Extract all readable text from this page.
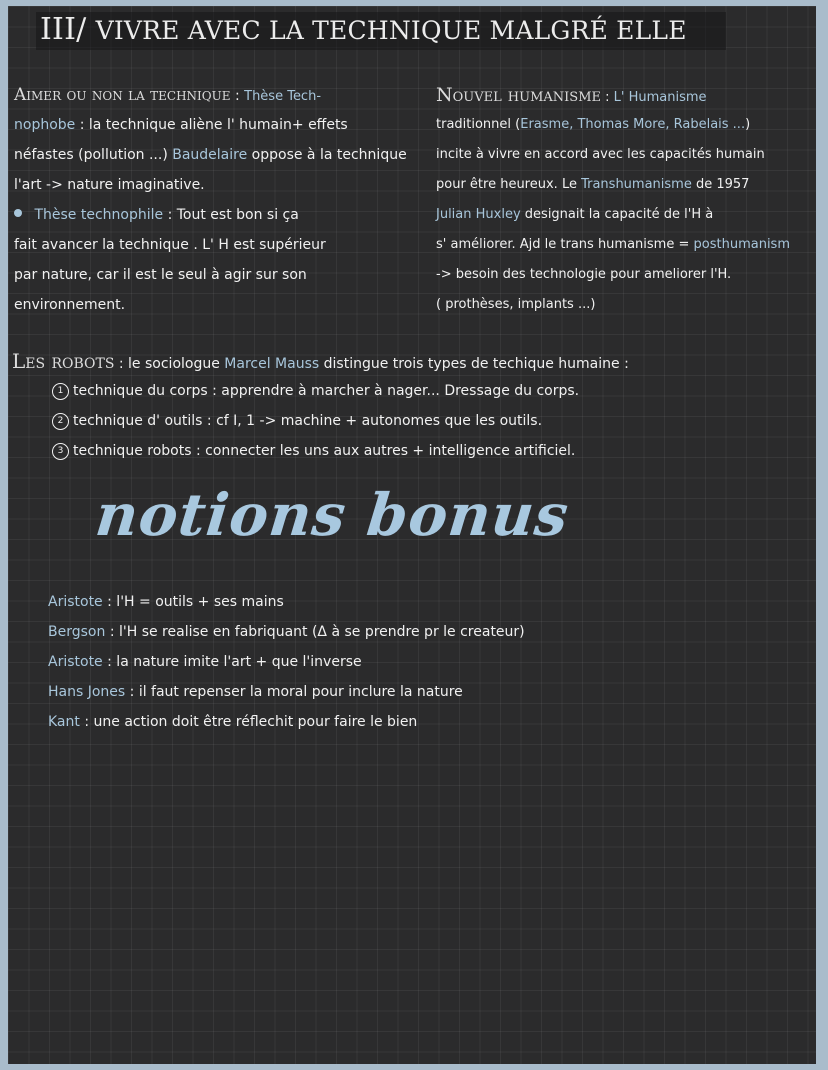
III/ VIVRE AVEC LA TECHNIQUE MALGRÉ ELLE
Aimer ou non la technique : Thèse Tech-
nophobe : la technique aliène l' humain+ effets
néfastes (pollution ...) Baudelaire oppose à la technique
l'art -> nature imaginative.
Thèse technophile : Tout est bon si ça
fait avancer la technique . L' H est supérieur
par nature, car il est le seul à agir sur son
environnement.
Nouvel humanisme : L' Humanisme
traditionnel (Erasme, Thomas More, Rabelais ...)
incite à vivre en accord avec les capacités humain
pour être heureux. Le Transhumanisme de 1957
Julian Huxley designait la capacité de l'H à
s' améliorer. Ajd le trans humanisme = posthumanism
-> besoin des technologie pour ameliorer l'H.
( prothèses, implants ...)
Les robots : le sociologue Marcel Mauss distingue trois types de techique humaine :
1 technique du corps : apprendre à marcher à nager... Dressage du corps.
2 technique d' outils : cf I, 1 -> machine + autonomes que les outils.
3 technique robots : connecter les uns aux autres + intelligence artificiel.
notions bonus
Aristote : l'H = outils + ses mains
Bergson : l'H se realise en fabriquant (Δ à se prendre pr le createur)
Aristote : la nature imite l'art + que l'inverse
Hans Jones : il faut repenser la moral pour inclure la nature
Kant : une action doit être réflechit pour faire le bien
